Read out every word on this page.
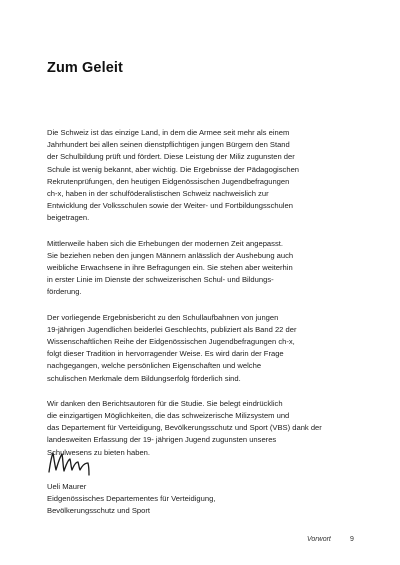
Zum Geleit

Die Schweiz ist das einzige Land, in dem die Armee seit mehr als einem
Jahrhundert bei allen seinen dienstpflichtigen jungen Bürgern den Stand
der Schulbildung prüft und fördert. Diese Leistung der Miliz zugunsten der
Schule ist wenig bekannt, aber wichtig. Die Ergebnisse der Pädagogischen
Rekrutenprüfungen, den heutigen Eidgenössischen Jugendbefragungen
ch-x, haben in der schulföderalistischen Schweiz nachweislich zur
Entwicklung der Volksschulen sowie der Weiter- und Fortbildungsschulen
beigetragen.

Mittlerweile haben sich die Erhebungen der modernen Zeit angepasst.
Sie beziehen neben den jungen Männern anlässlich der Aushebung auch
weibliche Erwachsene in ihre Befragungen ein. Sie stehen aber weiterhin
in erster Linie im Dienste der schweizerischen Schul- und Bildungs-
förderung.

Der vorliegende Ergebnisbericht zu den Schullaufbahnen von jungen
19-jährigen Jugendlichen beiderlei Geschlechts, publiziert als Band 22 der
Wissenschaftlichen Reihe der Eidgenössischen Jugendbefragungen ch-x,
folgt dieser Tradition in hervorragender Weise. Es wird darin der Frage
nachgegangen, welche persönlichen Eigenschaften und welche
schulischen Merkmale dem Bildungserfolg förderlich sind.

Wir danken den Berichtsautoren für die Studie. Sie belegt eindrücklich
die einzigartigen Möglichkeiten, die das schweizerische Milizsystem und
das Departement für Verteidigung, Bevölkerungsschutz und Sport (VBS) dank der
landesweiten Erfassung der 19- jährigen Jugend zugunsten unseres
Schulwesens zu bieten haben.

Ueli Maurer
Eidgenössisches Departementes für Verteidigung,
Bevölkerungsschutz und Sport
Vorwort	9
